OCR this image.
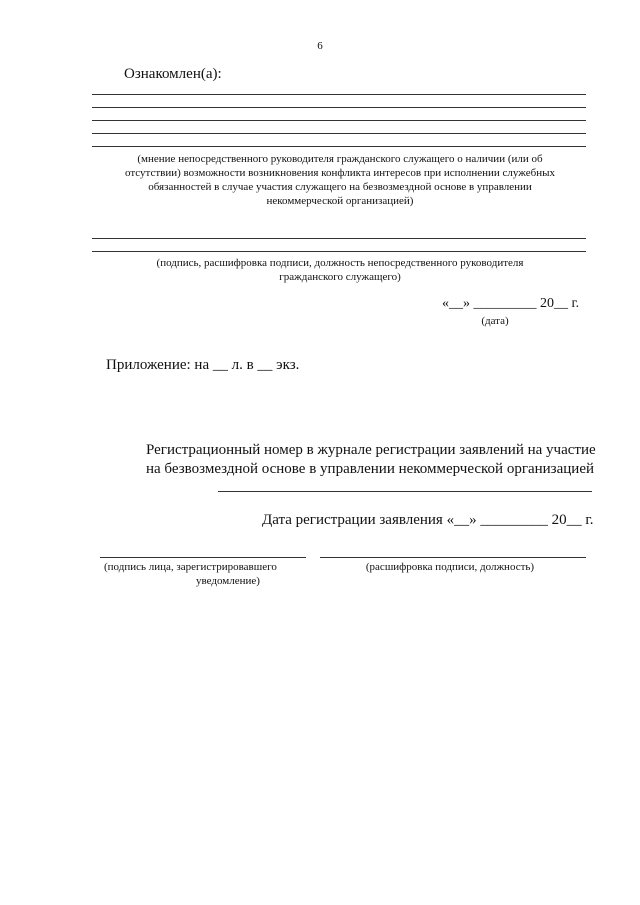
6
Ознакомлен(а):
(мнение непосредственного руководителя гражданского служащего о наличии (или об
отсутствии) возможности возникновения конфликта интересов при исполнении служебных
обязанностей в случае участия служащего на безвозмездной основе в управлении
некоммерческой организацией)
(подпись, расшифровка подписи, должность непосредственного руководителя
гражданского служащего)
«__» _________ 20__ г.
(дата)
Приложение: на __ л. в __ экз.
Регистрационный номер в журнале регистрации заявлений на участие
на безвозмездной основе в управлении некоммерческой организацией
Дата регистрации заявления «__» _________ 20__ г.
(подпись лица, зарегистрировавшего
уведомление)
(расшифровка подписи, должность)
